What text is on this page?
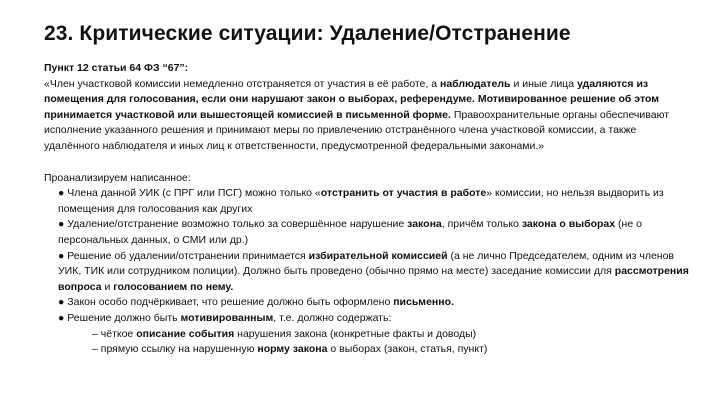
23. Критические ситуации: Удаление/Отстранение

Пункт 12 статьи 64 ФЗ “67”:
«Член участковой комиссии немедленно отстраняется от участия в её работе, а наблюдатель и иные лица удаляются из помещения для голосования, если они нарушают закон о выборах, референдуме. Мотивированное решение об этом принимается участковой или вышестоящей комиссией в письменной форме. Правоохранительные органы обеспечивают исполнение указанного решения и принимают меры по привлечению отстранённого члена участковой комиссии, а также удалённого наблюдателя и иных лиц к ответственности, предусмотренной федеральными законами.»

Проанализируем написанное:

● Члена данной УИК (с ПРГ или ПСГ) можно только «отстранить от участия в работе» комиссии, но нельзя выдворить из помещения для голосования как других

● Удаление/отстранение возможно только за совершённое нарушение закона, причём только закона о выборах (не о персональных данных, о СМИ или др.)

● Решение об удалении/отстранении принимается избирательной комиссией (а не лично Председателем, одним из членов УИК, ТИК или сотрудником полиции). Должно быть проведено (обычно прямо на месте) заседание комиссии для рассмотрения вопроса и голосованием по нему.

● Закон особо подчёркивает, что решение должно быть оформлено письменно.

● Решение должно быть мотивированным, т.е. должно содержать:

– чёткое описание события нарушения закона (конкретные факты и доводы)

– прямую ссылку на нарушенную норму закона о выборах (закон, статья, пункт)
